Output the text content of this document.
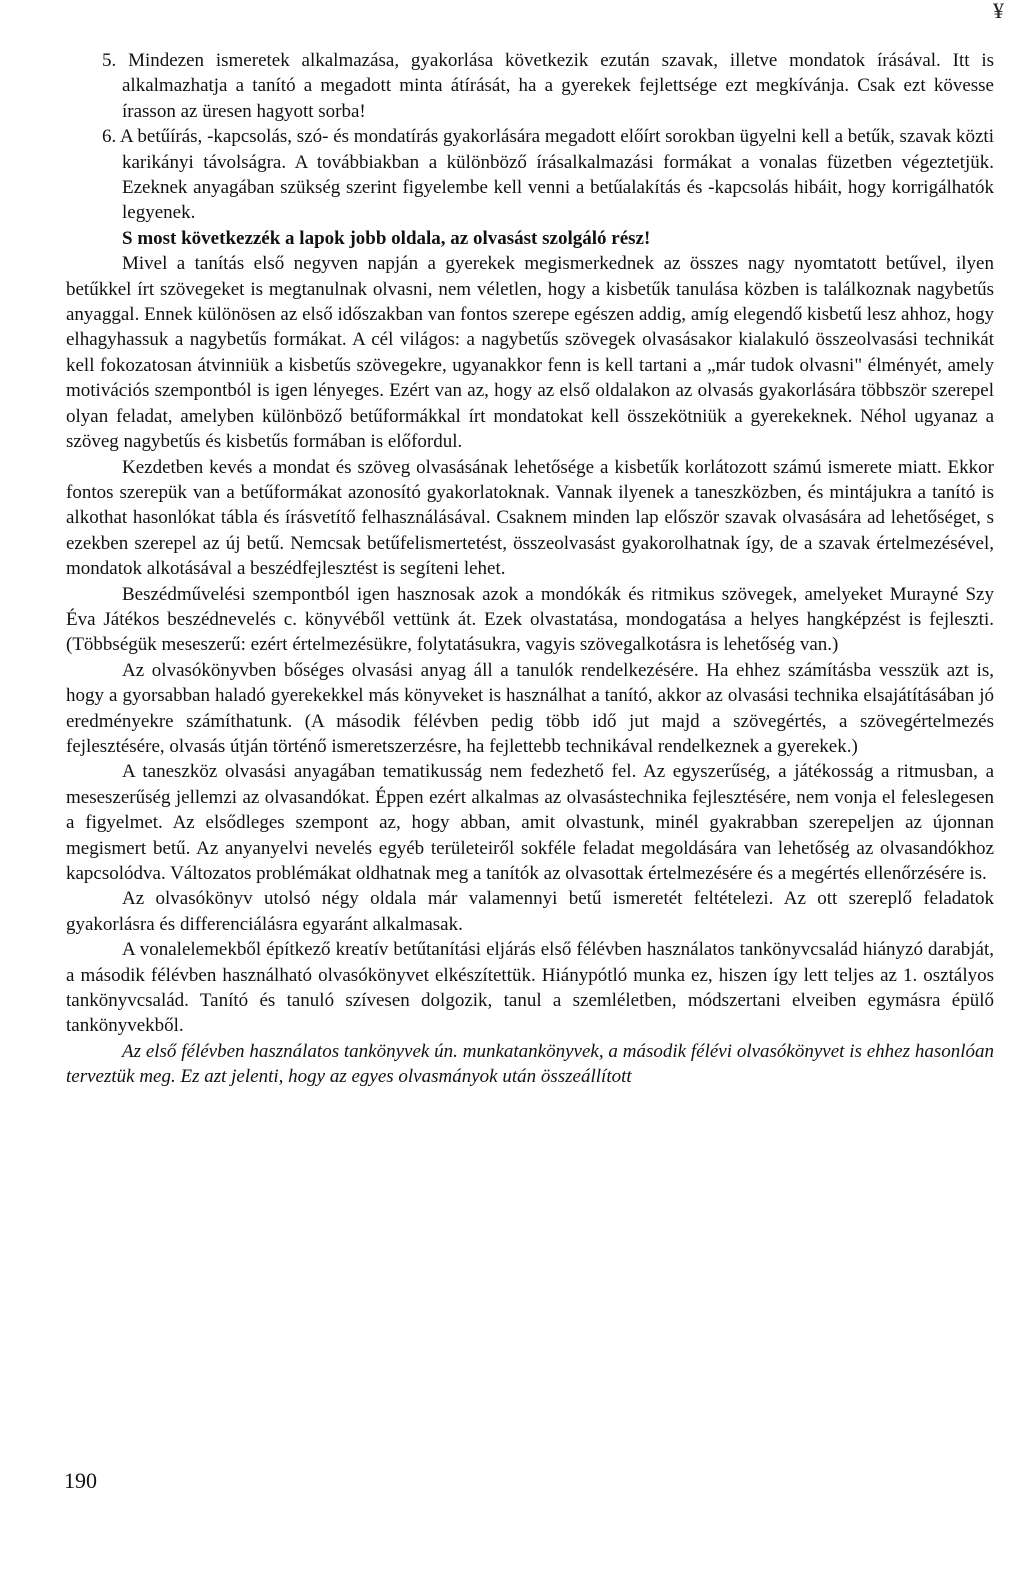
¥

5. Mindezen ismeretek alkalmazása, gyakorlása következik ezután szavak, illetve mondatok írásával. Itt is alkalmazhatja a tanító a megadott minta átírását, ha a gyerekek fejlettsége ezt megkívánja. Csak ezt kövesse írasson az üresen hagyott sorba!

6. A betűírás, -kapcsolás, szó- és mondatírás gyakorlására megadott előírt sorokban ügyelni kell a betűk, szavak közti karikányi távolságra. A továbbiakban a különböző írásalkalmazási formákat a vonalas füzetben végeztetjük. Ezeknek anyagában szükség szerint figyelembe kell venni a betűalakítás és -kapcsolás hibáit, hogy korrigálhatók legyenek.

S most következzék a lapok jobb oldala, az olvasást szolgáló rész!

Mivel a tanítás első negyven napján a gyerekek megismerkednek az összes nagy nyomtatott betűvel, ilyen betűkkel írt szövegeket is megtanulnak olvasni, nem véletlen, hogy a kisbetűk tanulása közben is találkoznak nagybetűs anyaggal. Ennek különösen az első időszakban van fontos szerepe egészen addig, amíg elegendő kisbetű lesz ahhoz, hogy elhagyhassuk a nagybetűs formákat. A cél világos: a nagybetűs szövegek olvasásakor kialakuló összeolvasási technikát kell fokozatosan átvinniük a kisbetűs szövegekre, ugyanakkor fenn is kell tartani a „már tudok olvasni" élményét, amely motivációs szempontból is igen lényeges. Ezért van az, hogy az első oldalakon az olvasás gyakorlására többször szerepel olyan feladat, amelyben különböző betűformákkal írt mondatokat kell összekötniük a gyerekeknek. Néhol ugyanaz a szöveg nagybetűs és kisbetűs formában is előfordul.

Kezdetben kevés a mondat és szöveg olvasásának lehetősége a kisbetűk korlátozott számú ismerete miatt. Ekkor fontos szerepük van a betűformákat azonosító gyakorlatoknak. Vannak ilyenek a taneszközben, és mintájukra a tanító is alkothat hasonlókat tábla és írásvetítő felhasználásával. Csaknem minden lap először szavak olvasására ad lehetőséget, s ezekben szerepel az új betű. Nemcsak betűfelismertetést, összeolvasást gyakorolhatnak így, de a szavak értelmezésével, mondatok alkotásával a beszédfejlesztést is segíteni lehet.

Beszédművelési szempontból igen hasznosak azok a mondókák és ritmikus szövegek, amelyeket Murayné Szy Éva Játékos beszédnevelés c. könyvéből vettünk át. Ezek olvastatása, mondogatása a helyes hangképzést is fejleszti. (Többségük meseszerű: ezért értelmezésükre, folytatásukra, vagyis szövegalkotásra is lehetőség van.)

Az olvasókönyvben bőséges olvasási anyag áll a tanulók rendelkezésére. Ha ehhez számításba vesszük azt is, hogy a gyorsabban haladó gyerekekkel más könyveket is használhat a tanító, akkor az olvasási technika elsajátításában jó eredményekre számíthatunk. (A második félévben pedig több idő jut majd a szövegértés, a szövegértelmezés fejlesztésére, olvasás útján történő ismeretszerzésre, ha fejlettebb technikával rendelkeznek a gyerekek.)

A taneszköz olvasási anyagában tematikusság nem fedezhető fel. Az egyszerűség, a játékosság a ritmusban, a meseszerűség jellemzi az olvasandókat. Éppen ezért alkalmas az olvasástechnika fejlesztésére, nem vonja el feleslegesen a figyelmet. Az elsődleges szempont az, hogy abban, amit olvastunk, minél gyakrabban szerepeljen az újonnan megismert betű. Az anyanyelvi nevelés egyéb területeiről sokféle feladat megoldására van lehetőség az olvasandókhoz kapcsolódva. Változatos problémákat oldhatnak meg a tanítók az olvasottak értelmezésére és a megértés ellenőrzésére is.

Az olvasókönyv utolsó négy oldala már valamennyi betű ismeretét feltételezi. Az ott szereplő feladatok gyakorlásra és differenciálásra egyaránt alkalmasak.

A vonalelemekből építkező kreatív betűtanítási eljárás első félévben használatos tankönyvcsalád hiányzó darabját, a második félévben használható olvasókönyvet elkészítettük. Hiánypótló munka ez, hiszen így lett teljes az 1. osztályos tankönyvcsalád. Tanító és tanuló szívesen dolgozik, tanul a szemléletben, módszertani elveiben egymásra épülő tankönyvekből.

Az első félévben használatos tankönyvek ún. munkatankönyvek, a második félévi olvasókönyvet is ehhez hasonlóan terveztük meg. Ez azt jelenti, hogy az egyes olvasmányok után összeállított

190
